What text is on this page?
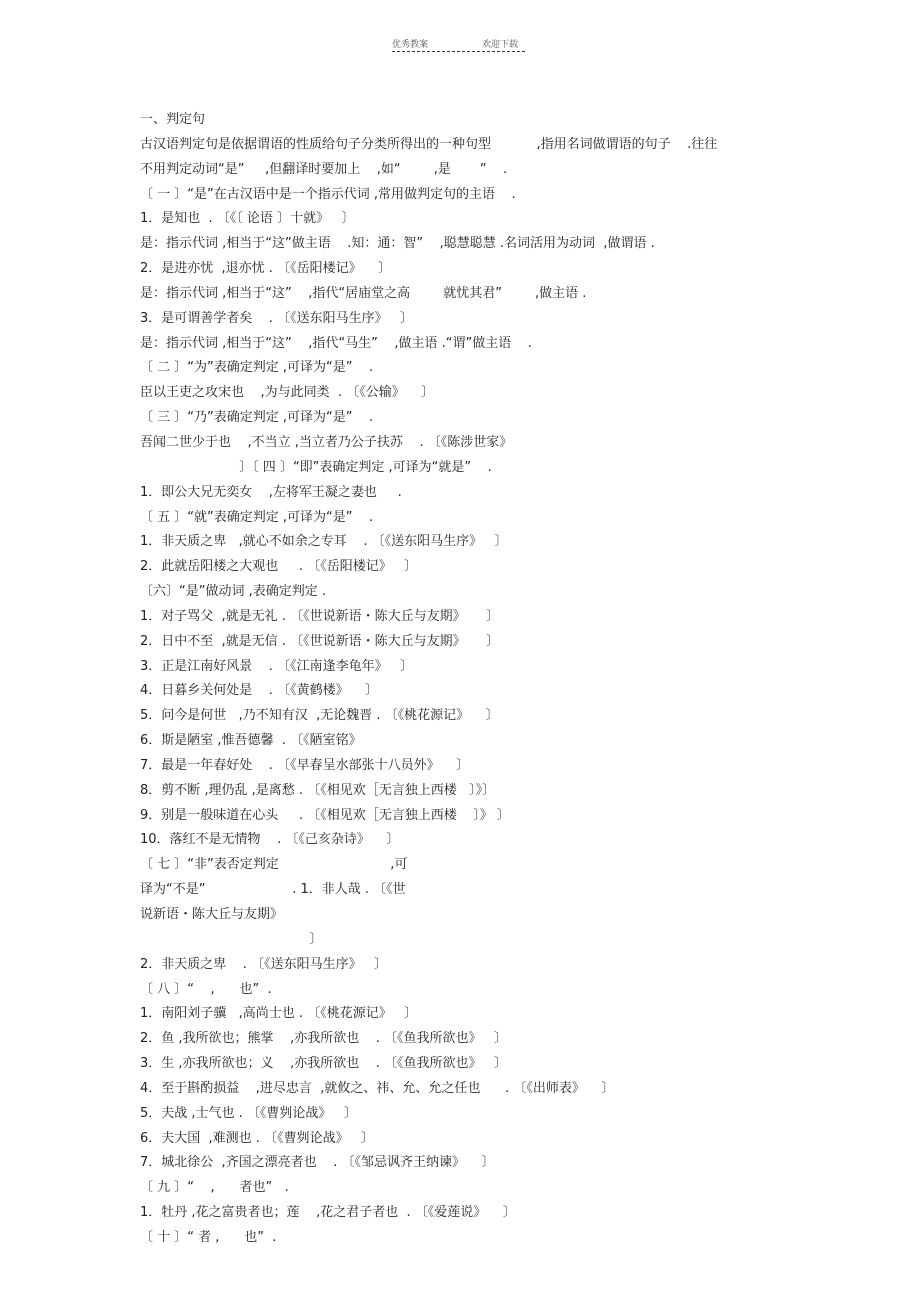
优秀教案	欢迎下载
一、判定句
古汉语判定句是依据谓语的性质给句子分类所得出的一种句型           ,指用名词做谓语的句子    .往往
不用判定动词“是”     ,但翻译时要加上    ,如“        ,是       ”    .
〔 一 〕“是”在古汉语中是一个指示代词 ,常用做判定句的主语    .
1．是知也  . 〔《〔 论语 〕十就》   〕
是：指示代词 ,相当于“这”做主语    .知：通：智”    ,聪慧聪慧 .名词活用为动词  ,做谓语 .
2．是进亦忧  ,退亦忧 . 〔《岳阳楼记》    〕
是：指示代词 ,相当于“这”    ,指代“居庙堂之高        就忧其君”        ,做主语 .
3．是可谓善学者矣    . 〔《送东阳马生序》   〕
是：指示代词 ,相当于“这”    ,指代“马生”    ,做主语 .“谓”做主语    .
〔 二 〕“为”表确定判定 ,可译为“是”    .
臣以王吏之攻宋也    ,为与此同类  . 〔《公输》    〕
〔 三 〕“乃”表确定判定 ,可译为“是”    .
吾闻二世少于也    ,不当立 ,当立者乃公子扶苏    . 〔《陈涉世家》
〕〔 四 〕“即”表确定判定 ,可译为“就是”    .
1．即公大兄无奕女    ,左将军王凝之妻也     .
〔 五 〕“就”表确定判定 ,可译为“是”    .
1．非天质之卑   ,就心不如余之专耳    . 〔《送东阳马生序》   〕
2．此就岳阳楼之大观也     . 〔《岳阳楼记》   〕
〔六〕“是”做动词 ,表确定判定 .
1．对子骂父  ,就是无礼 . 〔《世说新语・陈大丘与友期》     〕
2．日中不至  ,就是无信 . 〔《世说新语・陈大丘与友期》     〕
3．正是江南好风景    . 〔《江南逢李龟年》   〕
4．日暮乡关何处是    . 〔《黄鹤楼》    〕
5．问今是何世   ,乃不知有汉  ,无论魏晋 . 〔《桃花源记》    〕
6．斯是陋室 ,惟吾德馨  . 〔《陋室铭》
7．最是一年春好处    . 〔《早春呈水部张十八员外》    〕
8．剪不断 ,理仍乱 ,是离愁 . 〔《相见欢［无言独上西楼   〕》〕
9．别是一般味道在心头     . 〔《相见欢［无言独上西楼    〕》 〕
10．落红不是无情物    . 〔《己亥杂诗》    〕
〔 七 〕“非”表否定判定                           ,可
译为“不是”                     . 1．非人哉 . 〔《世
说新语・陈大丘与友期》
〕
2．非天质之卑    . 〔《送东阳马生序》   〕
〔 八 〕“    ,      也”  .
1．南阳刘子骥   ,高尚士也 . 〔《桃花源记》   〕
2．鱼 ,我所欲也；熊掌    ,亦我所欲也    . 〔《鱼我所欲也》   〕
3．生 ,亦我所欲也；义    ,亦我所欲也    . 〔《鱼我所欲也》   〕
4．至于斟酌损益    ,进尽忠言  ,就攸之、祎、允、允之任也      . 〔《出师表》    〕
5．夫战 ,士气也 . 〔《曹刿论战》   〕
6．夫大国  ,难测也 . 〔《曹刿论战》   〕
7．城北徐公  ,齐国之漂亮者也    . 〔《邹忌讽齐王纳谏》    〕
〔 九 〕“    ,      者也”   .
1．牡丹 ,花之富贵者也；莲    ,花之君子者也  . 〔《爱莲说》    〕
〔 十 〕“ 者 ,      也”  .
